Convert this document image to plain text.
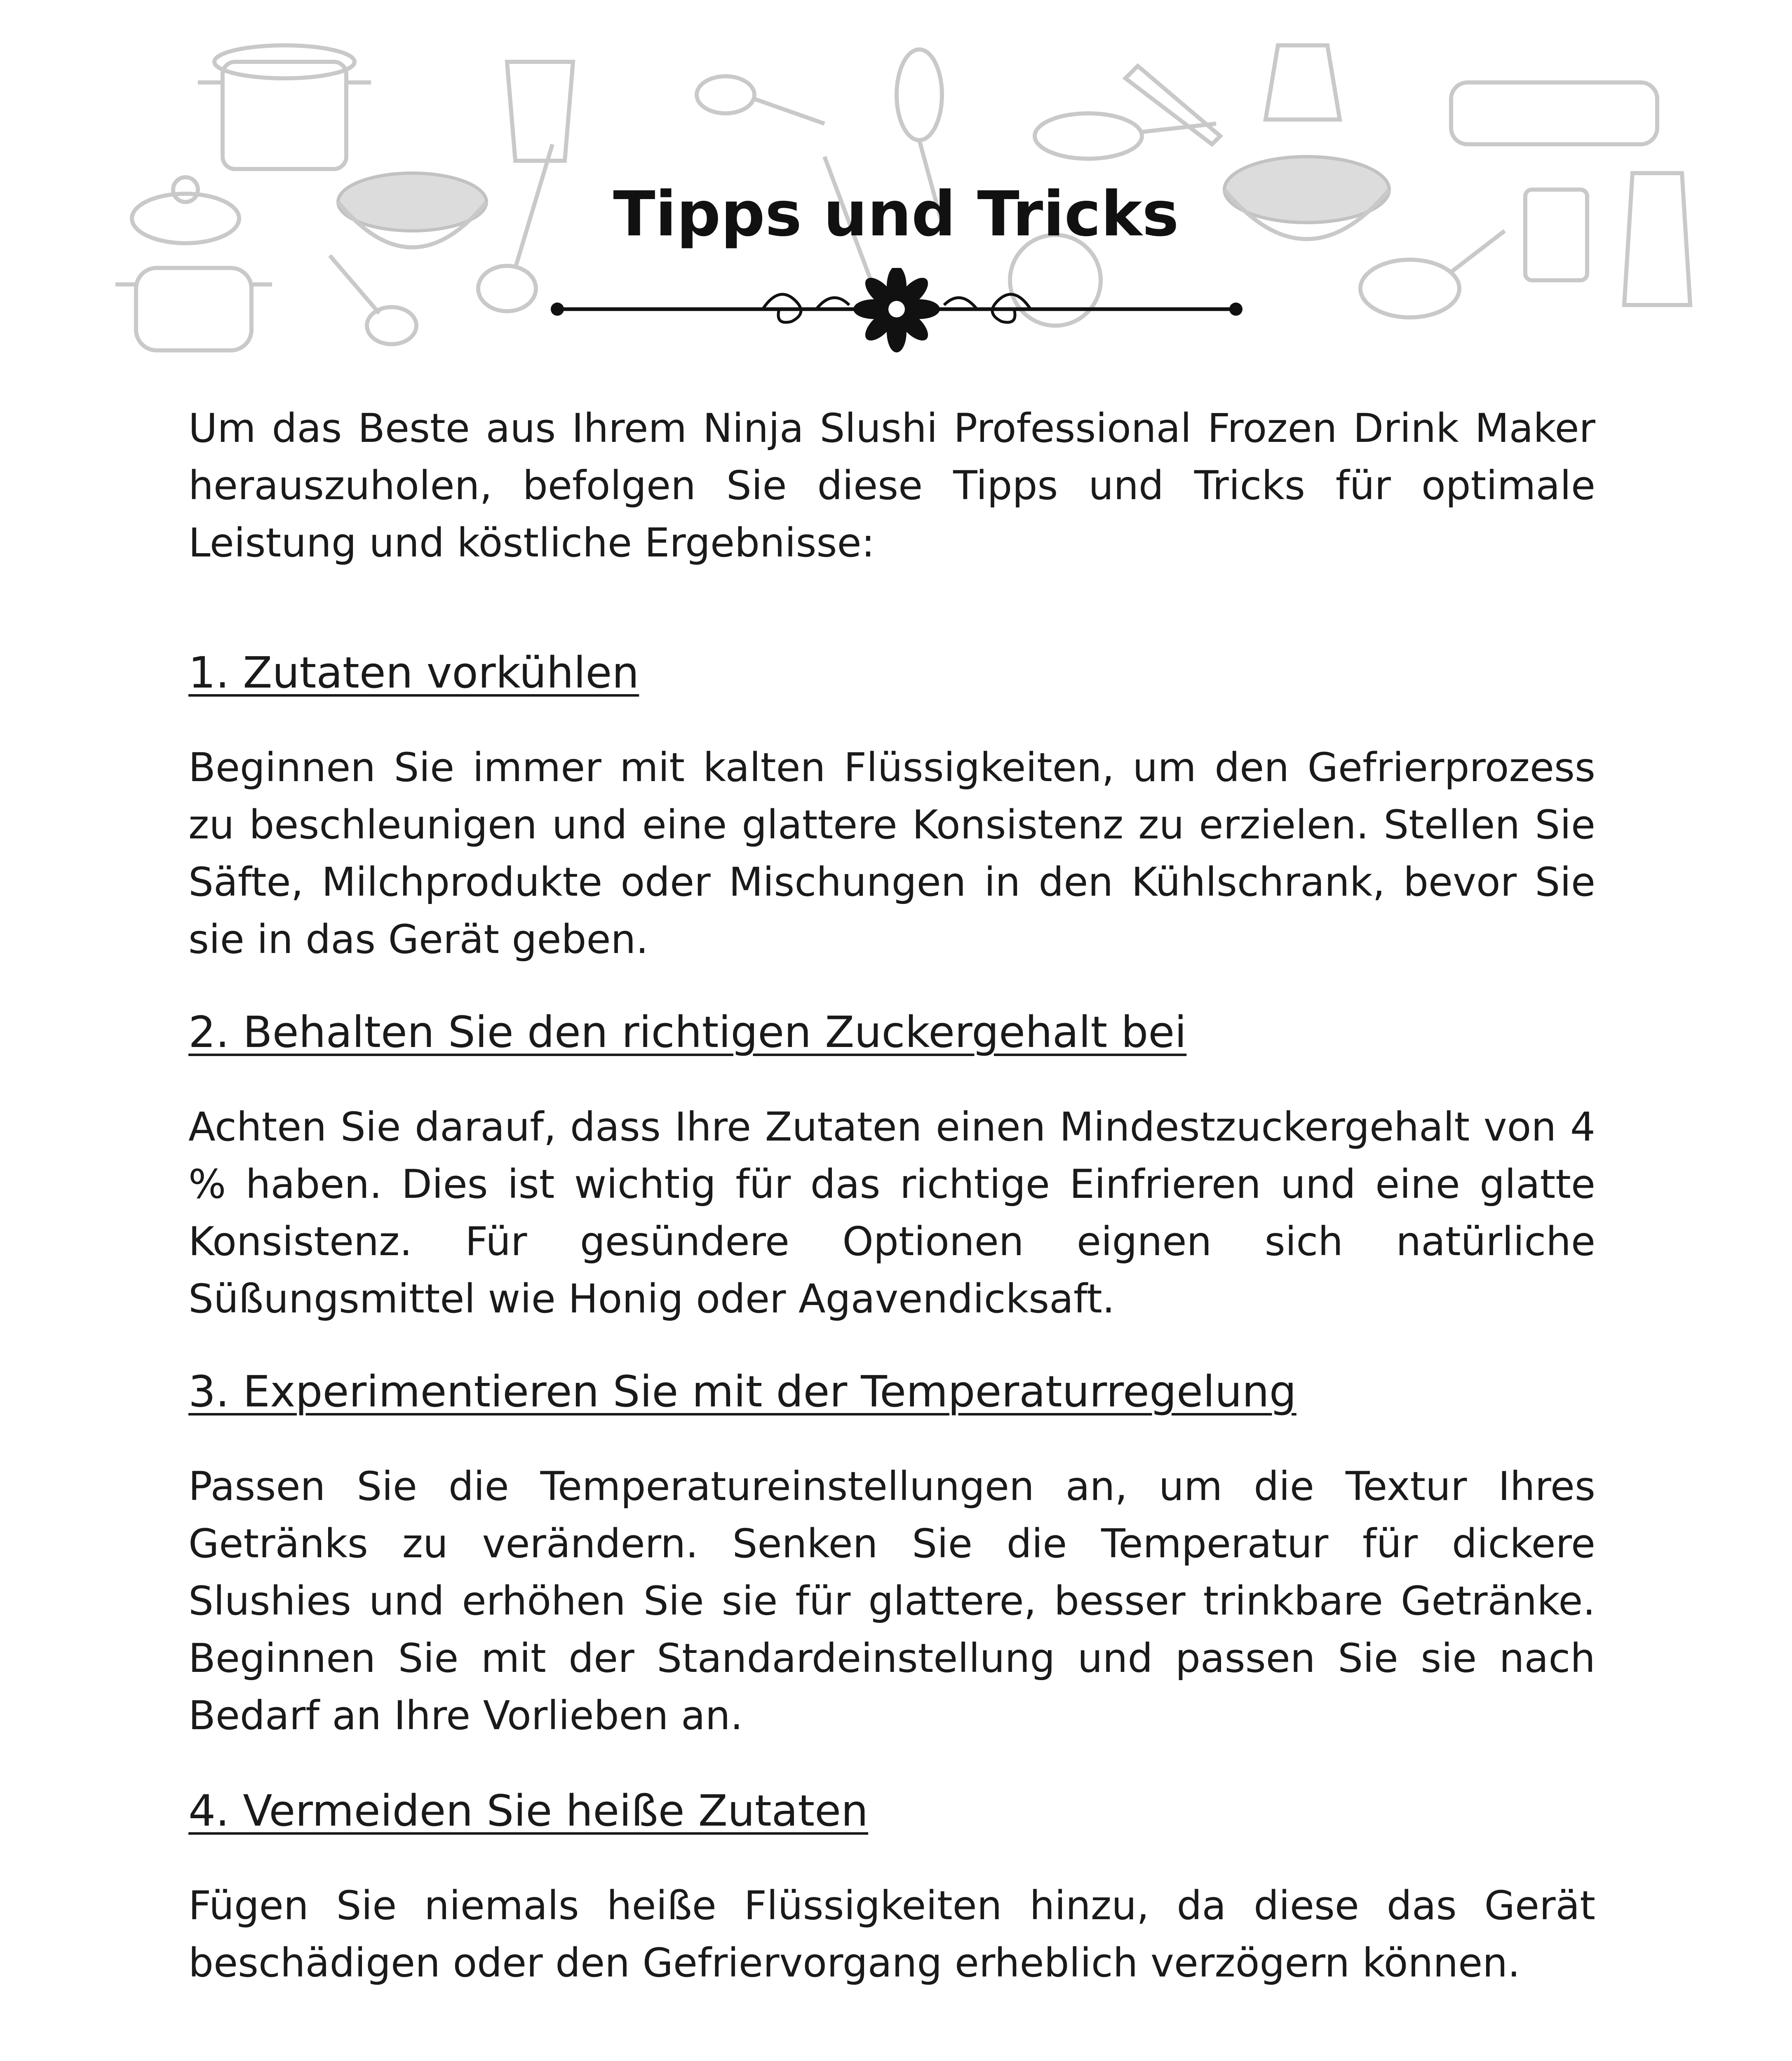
Tipps und Tricks

Um das Beste aus Ihrem Ninja Slushi Professional Frozen Drink Maker herauszuholen, befolgen Sie diese Tipps und Tricks für optimale Leistung und köstliche Ergebnisse:

1. Zutaten vorkühlen

Beginnen Sie immer mit kalten Flüssigkeiten, um den Gefrierprozess zu beschleunigen und eine glattere Konsistenz zu erzielen. Stellen Sie Säfte, Milchprodukte oder Mischungen in den Kühlschrank, bevor Sie sie in das Gerät geben.

2. Behalten Sie den richtigen Zuckergehalt bei

Achten Sie darauf, dass Ihre Zutaten einen Mindestzuckergehalt von 4 % haben. Dies ist wichtig für das richtige Einfrieren und eine glatte Konsistenz. Für gesündere Optionen eignen sich natürliche Süßungsmittel wie Honig oder Agavendicksaft.

3. Experimentieren Sie mit der Temperaturregelung

Passen Sie die Temperatureinstellungen an, um die Textur Ihres Getränks zu verändern. Senken Sie die Temperatur für dickere Slushies und erhöhen Sie sie für glattere, besser trinkbare Getränke. Beginnen Sie mit der Standardeinstellung und passen Sie sie nach Bedarf an Ihre Vorlieben an.

4. Vermeiden Sie heiße Zutaten

Fügen Sie niemals heiße Flüssigkeiten hinzu, da diese das Gerät beschädigen oder den Gefriervorgang erheblich verzögern können.
